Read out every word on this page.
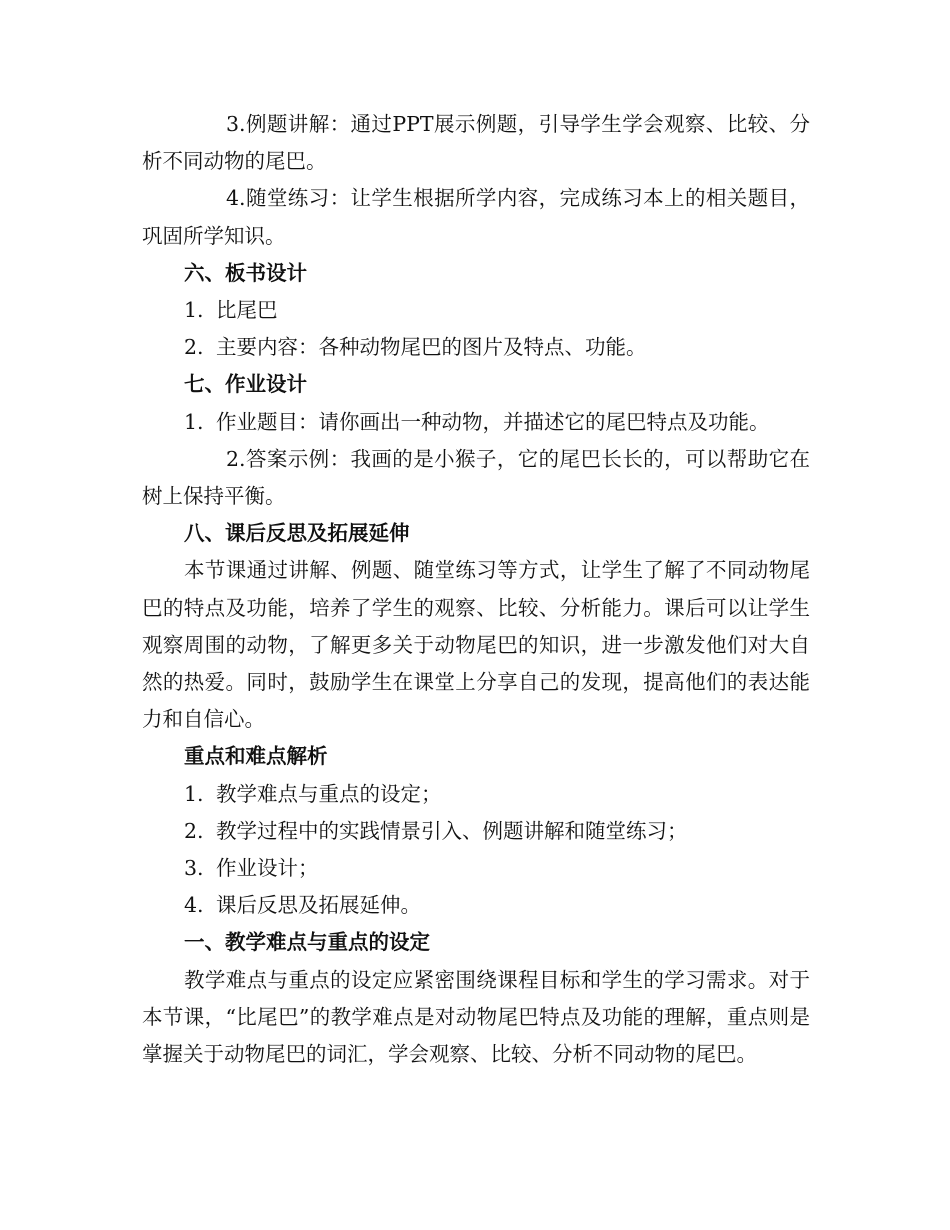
3.例题讲解：通过PPT展示例题，引导学生学会观察、比较、分析不同动物的尾巴。

4.随堂练习：让学生根据所学内容，完成练习本上的相关题目，巩固所学知识。

六、板书设计

1. 比尾巴

2. 主要内容：各种动物尾巴的图片及特点、功能。

七、作业设计

1. 作业题目：请你画出一种动物，并描述它的尾巴特点及功能。

2.答案示例：我画的是小猴子，它的尾巴长长的，可以帮助它在树上保持平衡。

八、课后反思及拓展延伸

本节课通过讲解、例题、随堂练习等方式，让学生了解了不同动物尾巴的特点及功能，培养了学生的观察、比较、分析能力。课后可以让学生观察周围的动物，了解更多关于动物尾巴的知识，进一步激发他们对大自然的热爱。同时，鼓励学生在课堂上分享自己的发现，提高他们的表达能力和自信心。

重点和难点解析

1. 教学难点与重点的设定；

2. 教学过程中的实践情景引入、例题讲解和随堂练习；

3. 作业设计；

4. 课后反思及拓展延伸。

一、教学难点与重点的设定

教学难点与重点的设定应紧密围绕课程目标和学生的学习需求。对于本节课，“比尾巴”的教学难点是对动物尾巴特点及功能的理解，重点则是掌握关于动物尾巴的词汇，学会观察、比较、分析不同动物的尾巴。
